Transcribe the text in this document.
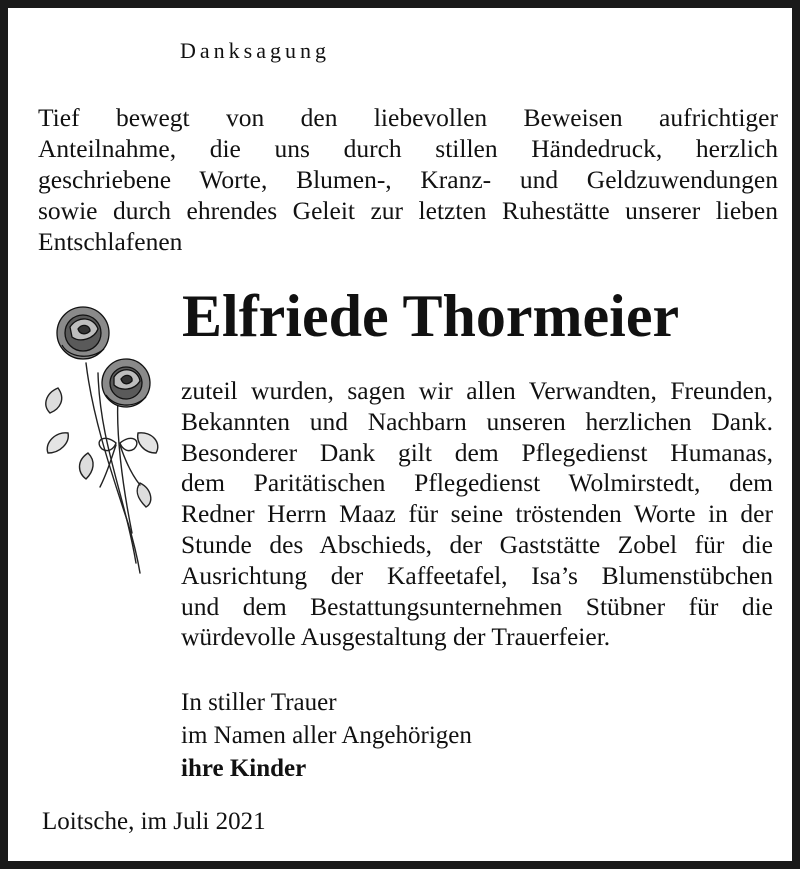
Danksagung
Tief bewegt von den liebevollen Beweisen aufrichtiger
Anteilnahme, die uns durch stillen Händedruck, herzlich
geschriebene Worte, Blumen-, Kranz- und Geldzuwendungen
sowie durch ehrendes Geleit zur letzten Ruhestätte unserer lieben
Entschlafenen
Elfriede Thormeier
zuteil wurden, sagen wir allen Verwandten, Freunden,
Bekannten und Nachbarn unseren herzlichen Dank.
Besonderer Dank gilt dem Pflegedienst Humanas,
dem Paritätischen Pflegedienst Wolmirstedt, dem
Redner Herrn Maaz für seine tröstenden Worte in der
Stunde des Abschieds, der Gaststätte Zobel für die
Ausrichtung der Kaffeetafel, Isa’s Blumenstübchen
und dem Bestattungsunternehmen Stübner für die
würdevolle Ausgestaltung der Trauerfeier.
In stiller Trauer
im Namen aller Angehörigen
ihre Kinder
Loitsche, im Juli 2021
